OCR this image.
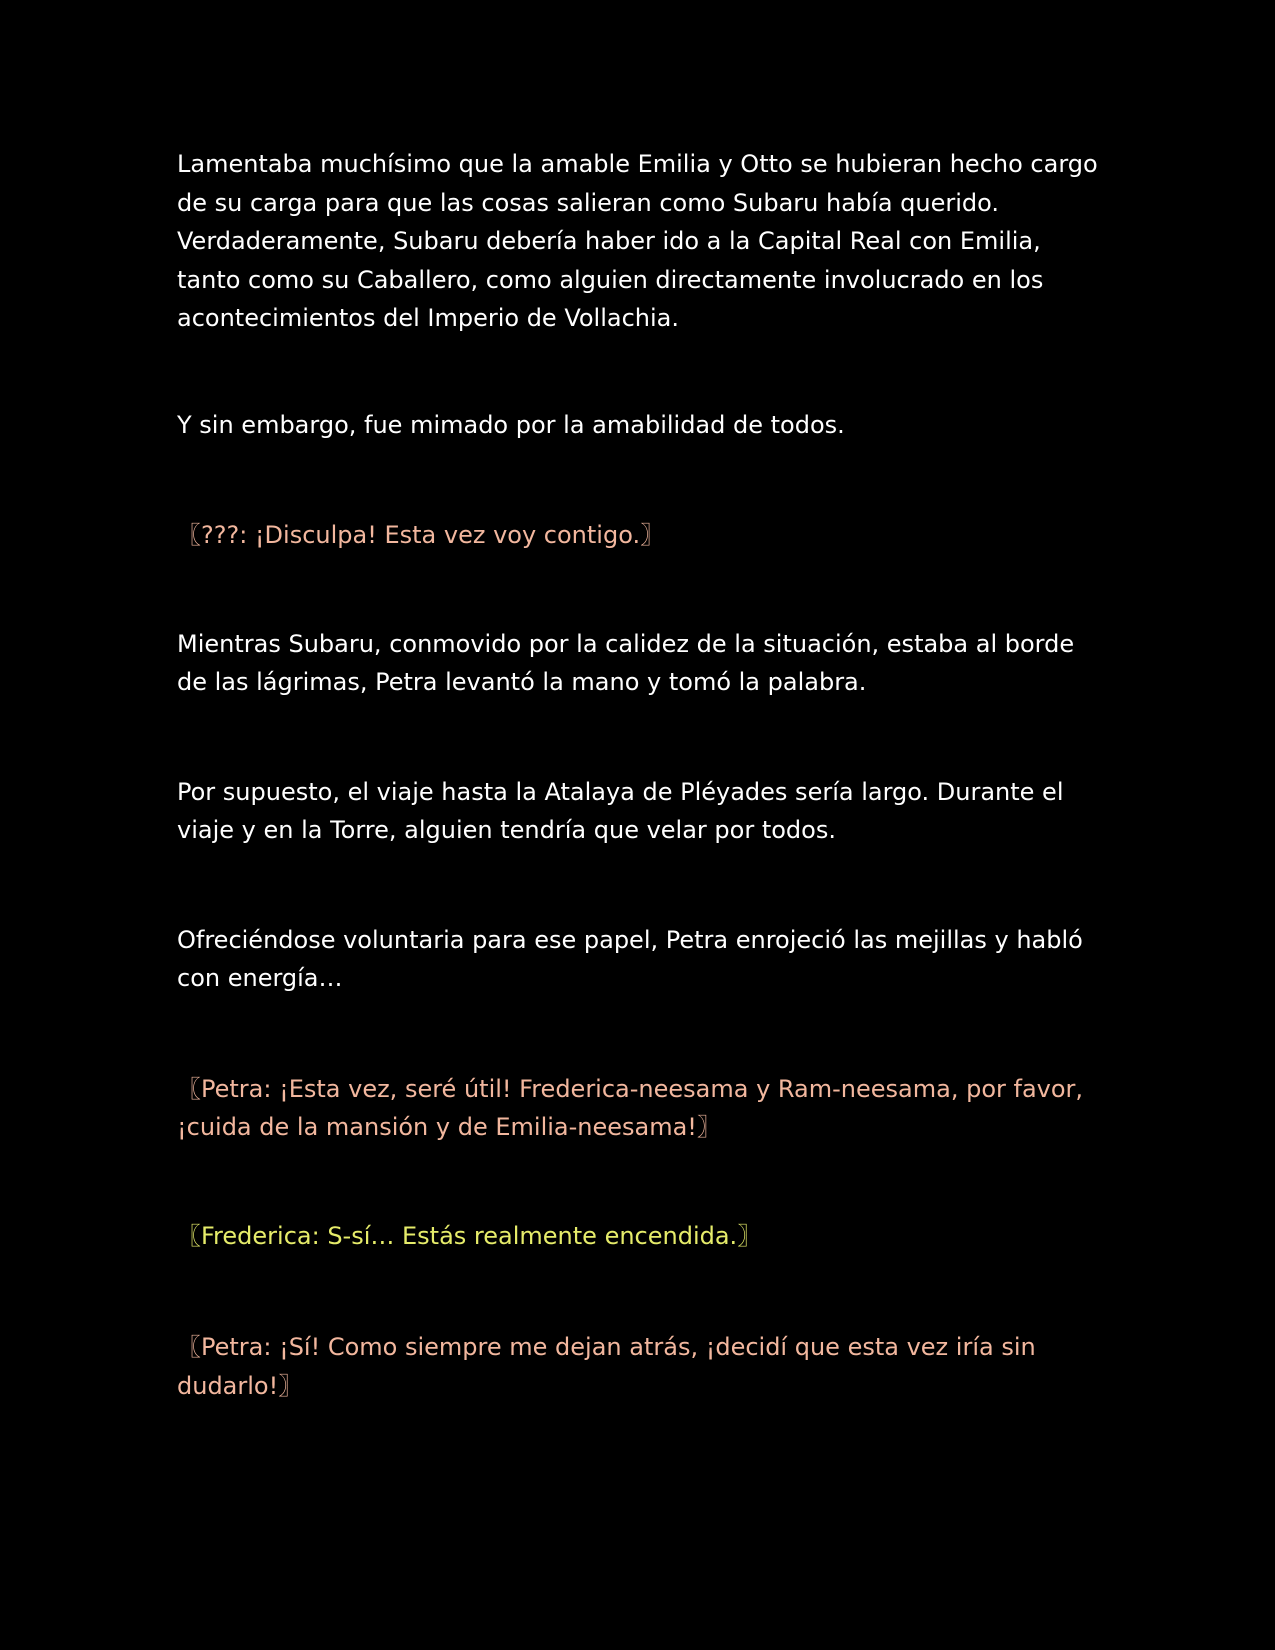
Lamentaba muchísimo que la amable Emilia y Otto se hubieran hecho cargo de su carga para que las cosas salieran como Subaru había querido. Verdaderamente, Subaru debería haber ido a la Capital Real con Emilia, tanto como su Caballero, como alguien directamente involucrado en los acontecimientos del Imperio de Vollachia.

Y sin embargo, fue mimado por la amabilidad de todos.

〖???: ¡Disculpa! Esta vez voy contigo.〗

Mientras Subaru, conmovido por la calidez de la situación, estaba al borde de las lágrimas, Petra levantó la mano y tomó la palabra.

Por supuesto, el viaje hasta la Atalaya de Pléyades sería largo. Durante el viaje y en la Torre, alguien tendría que velar por todos.

Ofreciéndose voluntaria para ese papel, Petra enrojeció las mejillas y habló con energía…

〖Petra: ¡Esta vez, seré útil! Frederica-neesama y Ram-neesama, por favor, ¡cuida de la mansión y de Emilia-neesama!〗

〖Frederica: S-sí… Estás realmente encendida.〗

〖Petra: ¡Sí! Como siempre me dejan atrás, ¡decidí que esta vez iría sin dudarlo!〗
